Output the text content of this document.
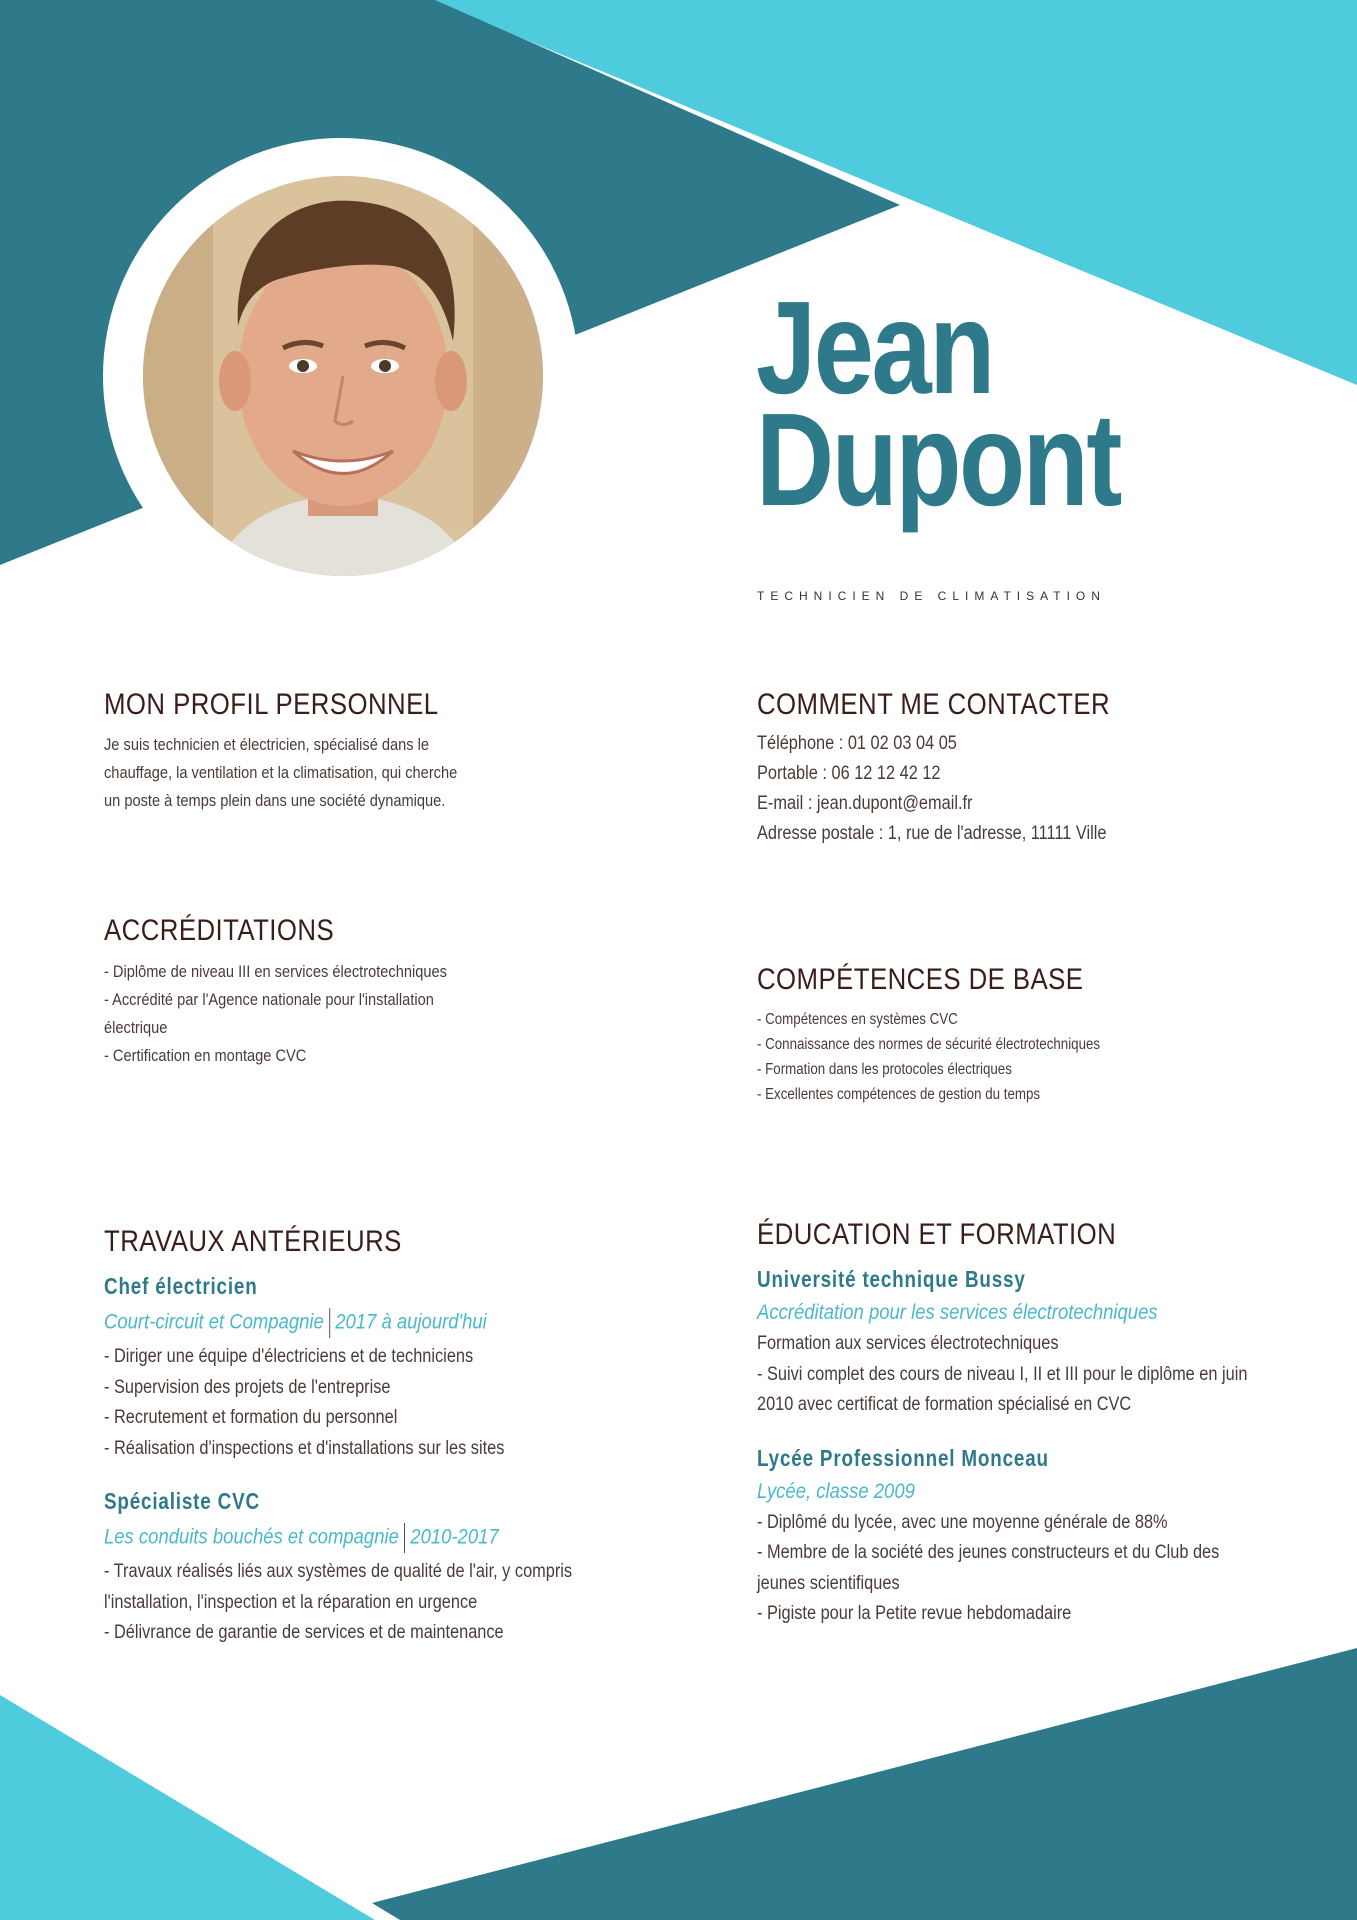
Jean
Dupont
TECHNICIEN DE CLIMATISATION
MON PROFIL PERSONNEL
Je suis technicien et électricien, spécialisé dans le
chauffage, la ventilation et la climatisation, qui cherche
un poste à temps plein dans une société dynamique.
COMMENT ME CONTACTER
Téléphone : 01 02 03 04 05
Portable : 06 12 12 42 12
E-mail : jean.dupont@email.fr
Adresse postale : 1, rue de l'adresse, 11111 Ville
ACCRÉDITATIONS
- Diplôme de niveau III en services électrotechniques
- Accrédité par l'Agence nationale pour l'installation
électrique
- Certification en montage CVC
COMPÉTENCES DE BASE
- Compétences en systèmes CVC
- Connaissance des normes de sécurité électrotechniques
- Formation dans les protocoles électriques
- Excellentes compétences de gestion du temps
TRAVAUX ANTÉRIEURS
Chef électricien
Court-circuit et Compagnie 2017 à aujourd'hui
- Diriger une équipe d'électriciens et de techniciens
- Supervision des projets de l'entreprise
- Recrutement et formation du personnel
- Réalisation d'inspections et d'installations sur les sites
Spécialiste CVC
Les conduits bouchés et compagnie 2010-2017
- Travaux réalisés liés aux systèmes de qualité de l'air, y compris
l'installation, l'inspection et la réparation en urgence
- Délivrance de garantie de services et de maintenance
ÉDUCATION ET FORMATION
Université technique Bussy
Accréditation pour les services électrotechniques
Formation aux services électrotechniques
- Suivi complet des cours de niveau I, II et III pour le diplôme en juin
2010 avec certificat de formation spécialisé en CVC
Lycée Professionnel Monceau
Lycée, classe 2009
- Diplômé du lycée, avec une moyenne générale de 88%
- Membre de la société des jeunes constructeurs et du Club des
jeunes scientifiques
- Pigiste pour la Petite revue hebdomadaire
